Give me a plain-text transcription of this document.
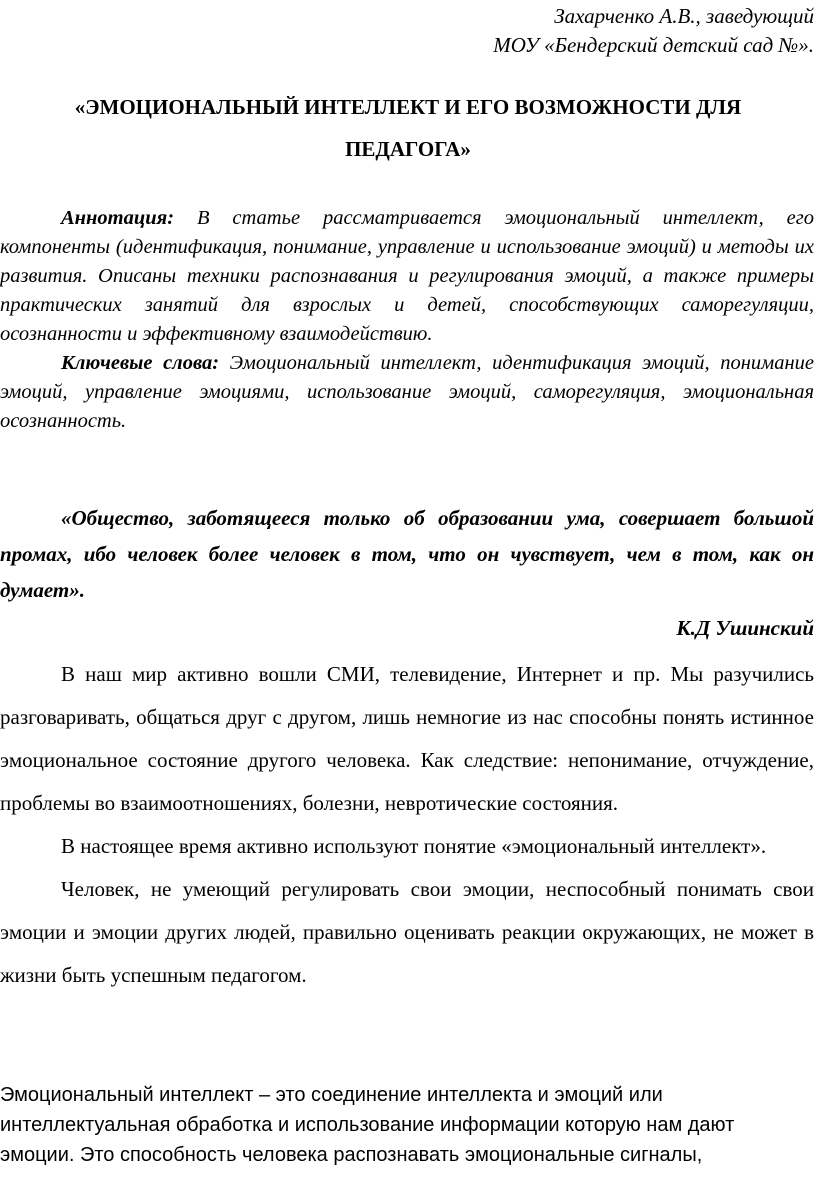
Захарченко А.В., заведующий
МОУ «Бендерский детский сад №».
«ЭМОЦИОНАЛЬНЫЙ ИНТЕЛЛЕКТ И ЕГО ВОЗМОЖНОСТИ ДЛЯ
ПЕДАГОГА»

Аннотация: В статье рассматривается эмоциональный интеллект, его компоненты (идентификация, понимание, управление и использование эмоций) и методы их развития. Описаны техники распознавания и регулирования эмоций, а также примеры практических занятий для взрослых и детей, способствующих саморегуляции, осознанности и эффективному взаимодействию.

Ключевые слова: Эмоциональный интеллект, идентификация эмоций, понимание эмоций, управление эмоциями, использование эмоций, саморегуляция, эмоциональная осознанность.

«Общество, заботящееся только об образовании ума, совершает большой промах, ибо человек более человек в том, что он чувствует, чем в том, как он думает».
К.Д Ушинский

В наш мир активно вошли СМИ, телевидение, Интернет и пр. Мы разучились разговаривать, общаться друг с другом, лишь немногие из нас способны понять истинное эмоциональное состояние другого человека. Как следствие: непонимание, отчуждение, проблемы во взаимоотношениях, болезни, невротические состояния.

В настоящее время активно используют понятие «эмоциональный интеллект».

Человек, не умеющий регулировать свои эмоции, неспособный понимать свои эмоции и эмоции других людей, правильно оценивать реакции окружающих, не может в жизни быть успешным педагогом.

Эмоциональный интеллект – это соединение интеллекта и эмоций или интеллектуальная обработка и использование информации которую нам дают эмоции. Это способность человека распознавать эмоциональные сигналы,
